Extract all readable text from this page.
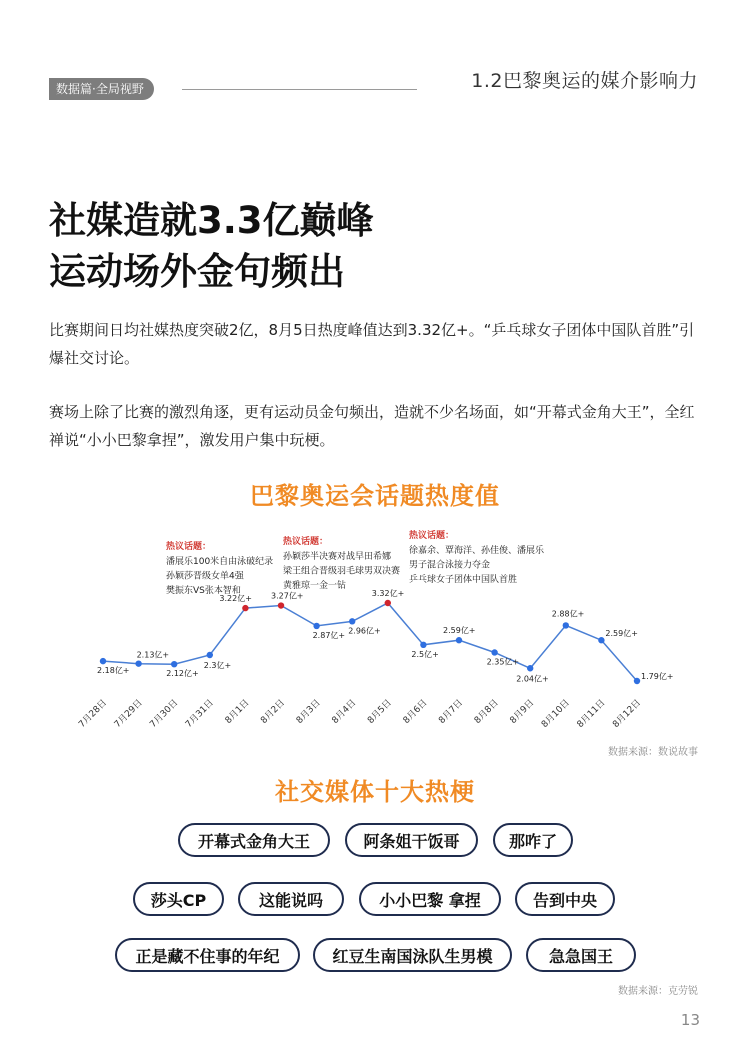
数据篇·全局视野	1.2巴黎奥运的媒介影响力
社媒造就3.3亿巅峰
运动场外金句频出
比赛期间日均社媒热度突破2亿，8月5日热度峰值达到3.32亿+。“乒乓球女子团体中国队首胜”引爆社交讨论。
赛场上除了比赛的激烈角逐，更有运动员金句频出，造就不少名场面，如“开幕式金角大王”，全红禅说“小小巴黎拿捏”，激发用户集中玩梗。
巴黎奥运会话题热度值
2.18亿+
2.13亿+
2.12亿+
2.3亿+
3.22亿+ 3.27亿+
2.87亿+
2.96亿+
3.32亿+
2.5亿+
2.59亿+
2.35亿+
2.04亿+
2.88亿+
2.59亿+
1.79亿+
7月28日 7月29日 7月30日 7月31日 8月1日 8月2日 8月3日 8月4日 8月5日 8月6日 8月7日 8月8日 8月9日 8月10日 8月11日 8月12日
热议话题：
潘展乐100米自由泳破纪录
孙颖莎晋级女单4强
樊振东VS张本智和
热议话题：
孙颖莎半决赛对战早田希娜
梁王组合晋级羽毛球男双决赛
黄雅琼一金一钻
热议话题：
徐嘉余、覃海洋、孙佳俊、潘展乐
男子混合泳接力夺金
乒乓球女子团体中国队首胜
数据来源：数说故事
社交媒体十大热梗
开幕式金角大王	阿条姐干饭哥	那咋了
莎头CP	这能说吗	小小巴黎 拿捏	告到中央
正是藏不住事的年纪	红豆生南国泳队生男模	急急国王
数据来源：克劳锐
13
